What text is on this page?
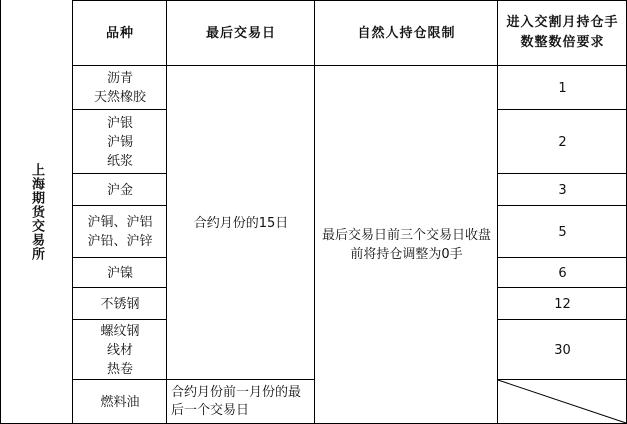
上海期货交易所
品种	最后交易日	自然人持仓限制
进入交割月持仓手数整数倍要求
沥青
天然橡胶
沪银
沪锡
纸浆
沪金
沪铜、沪铝
沪铅、沪锌
沪镍
不锈钢
螺纹钢
线材
热卷
燃料油
合约月份的15日
合约月份前一月份的最后一个交易日
最后交易日前三个交易日收盘前将持仓调整为0手
1
2
3
5
6
12
30
